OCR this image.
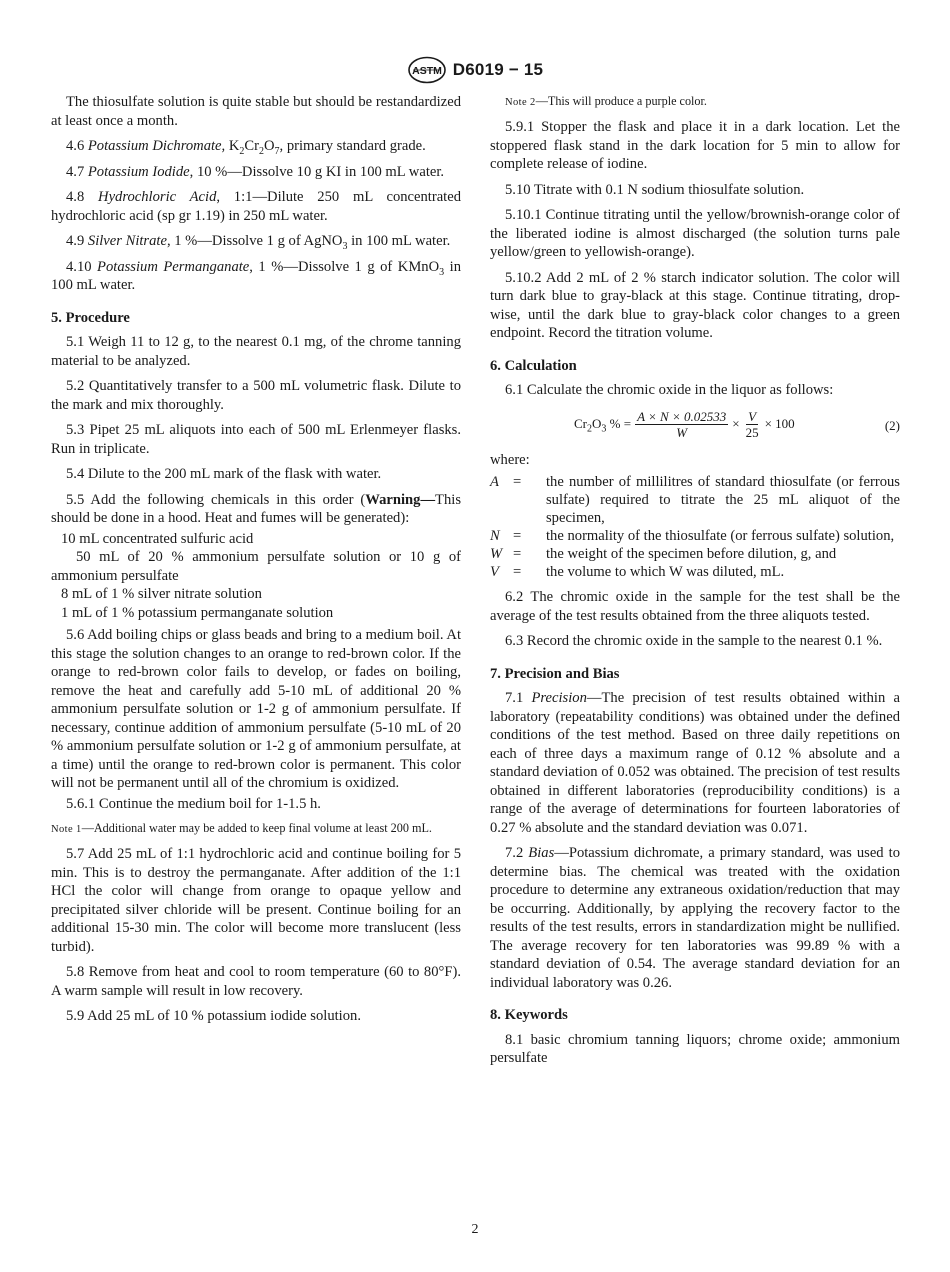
ASTM D6019 − 15

The thiosulfate solution is quite stable but should be restandardized at least once a month.

4.6 Potassium Dichromate, $K_2Cr_2O_7$, primary standard grade.

4.7 Potassium Iodide, 10 %—Dissolve 10 g KI in 100 mL water.

4.8 Hydrochloric Acid, 1:1—Dilute 250 mL concentrated hydrochloric acid (sp gr 1.19) in 250 mL water.

4.9 Silver Nitrate, 1 %—Dissolve 1 g of AgNO$_3$ in 100 mL water.

4.10 Potassium Permanganate, 1 %—Dissolve 1 g of KMnO$_3$ in 100 mL water.

5. Procedure

5.1 Weigh 11 to 12 g, to the nearest 0.1 mg, of the chrome tanning material to be analyzed.

5.2 Quantitatively transfer to a 500 mL volumetric flask. Dilute to the mark and mix thoroughly.

5.3 Pipet 25 mL aliquots into each of 500 mL Erlenmeyer flasks. Run in triplicate.

5.4 Dilute to the 200 mL mark of the flask with water.

5.5 Add the following chemicals in this order (Warning—This should be done in a hood. Heat and fumes will be generated):

10 mL concentrated sulfuric acid

50 mL of 20 % ammonium persulfate solution or 10 g of ammonium persulfate

8 mL of 1 % silver nitrate solution

1 mL of 1 % potassium permanganate solution

5.6 Add boiling chips or glass beads and bring to a medium boil. At this stage the solution changes to an orange to red-brown color. If the orange to red-brown color fails to develop, or fades on boiling, remove the heat and carefully add 5-10 mL of additional 20 % ammonium persulfate solution or 1-2 g of ammonium persulfate. If necessary, continue addition of ammonium persulfate (5-10 mL of 20 % ammonium persulfate solution or 1-2 g of ammonium persulfate, at a time) until the orange to red-brown color is permanent. This color will not be permanent until all of the chromium is oxidized.

5.6.1 Continue the medium boil for 1-1.5 h.

Note 1—Additional water may be added to keep final volume at least 200 mL.

5.7 Add 25 mL of 1:1 hydrochloric acid and continue boiling for 5 min. This is to destroy the permanganate. After addition of the 1:1 HCl the color will change from orange to opaque yellow and precipitated silver chloride will be present. Continue boiling for an additional 15-30 min. The color will become more translucent (less turbid).

5.8 Remove from heat and cool to room temperature (60 to 80°F). A warm sample will result in low recovery.

5.9 Add 25 mL of 10 % potassium iodide solution.

Note 2—This will produce a purple color.

5.9.1 Stopper the flask and place it in a dark location. Let the stoppered flask stand in the dark location for 5 min to allow for complete release of iodine.

5.10 Titrate with 0.1 N sodium thiosulfate solution.

5.10.1 Continue titrating until the yellow/brownish-orange color of the liberated iodine is almost discharged (the solution turns pale yellow/green to yellowish-orange).

5.10.2 Add 2 mL of 2 % starch indicator solution. The color will turn dark blue to gray-black at this stage. Continue titrating, drop-wise, until the dark blue to gray-black color changes to a green endpoint. Record the titration volume.

6. Calculation

6.1 Calculate the chromic oxide in the liquor as follows:

$Cr_2O_3$ % = $\frac{A \times N \times 0.02533}{W} \times \frac{V}{25} \times 100$	(2)

where:

A =	the number of millilitres of standard thiosulfate (or ferrous sulfate) required to titrate the 25 mL aliquot of the specimen,
N =	the normality of the thiosulfate (or ferrous sulfate) solution,
W =	the weight of the specimen before dilution, g, and
V =	the volume to which W was diluted, mL.

6.2 The chromic oxide in the sample for the test shall be the average of the test results obtained from the three aliquots tested.

6.3 Record the chromic oxide in the sample to the nearest 0.1 %.

7. Precision and Bias

7.1 Precision—The precision of test results obtained within a laboratory (repeatability conditions) was obtained under the defined conditions of the test method. Based on three daily repetitions on each of three days a maximum range of 0.12 % absolute and a standard deviation of 0.052 was obtained. The precision of test results obtained in different laboratories (reproducibility conditions) is a range of the average of determinations for fourteen laboratories of 0.27 % absolute and the standard deviation was 0.071.

7.2 Bias—Potassium dichromate, a primary standard, was used to determine bias. The chemical was treated with the oxidation procedure to determine any extraneous oxidation/reduction that may be occurring. Additionally, by applying the recovery factor to the results of the test results, errors in standardization might be nullified. The average recovery for ten laboratories was 99.89 % with a standard deviation of 0.54. The average standard deviation for an individual laboratory was 0.26.

8. Keywords

8.1 basic chromium tanning liquors; chrome oxide; ammonium persulfate

2
